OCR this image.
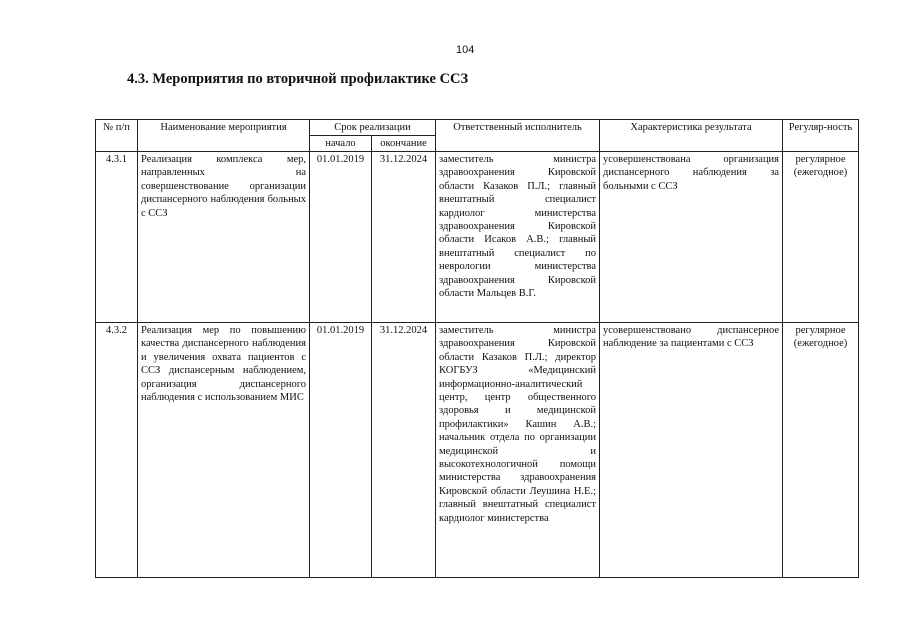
104
4.3. Мероприятия по вторичной профилактике ССЗ
№ п/п	Наименование мероприятия	Срок реализации		Ответственный исполнитель	Характеристика результата	Регуляр-ность
		начало	окончание			
4.3.1	Реализация комплекса мер, направленных на совершенствование организации диспансерного наблюдения больных с ССЗ	01.01.2019	31.12.2024	заместитель министра здравоохранения Кировской области Казаков П.Л.; главный внештатный специалист кардиолог министерства здравоохранения Кировской области Исаков А.В.; главный внештатный специалист по неврологии министерства здравоохранения Кировской области Мальцев В.Г.	усовершенствована организация диспансерного наблюдения за больными с ССЗ	регулярное (ежегодное)
4.3.2	Реализация мер по повышению качества диспансерного наблюдения и увеличения охвата пациентов с ССЗ диспансерным наблюдением, организация диспансерного наблюдения с использованием МИС	01.01.2019	31.12.2024	заместитель министра здравоохранения Кировской области Казаков П.Л.; директор КОГБУЗ «Медицинский информационно-аналитический центр, центр общественного здоровья и медицинской профилактики» Кашин А.В.; начальник отдела по организации медицинской и высокотехнологичной помощи министерства здравоохранения Кировской области Леушина Н.Е.; главный внештатный специалист кардиолог министерства	усовершенствовано диспансерное наблюдение за пациентами с ССЗ	регулярное (ежегодное)
